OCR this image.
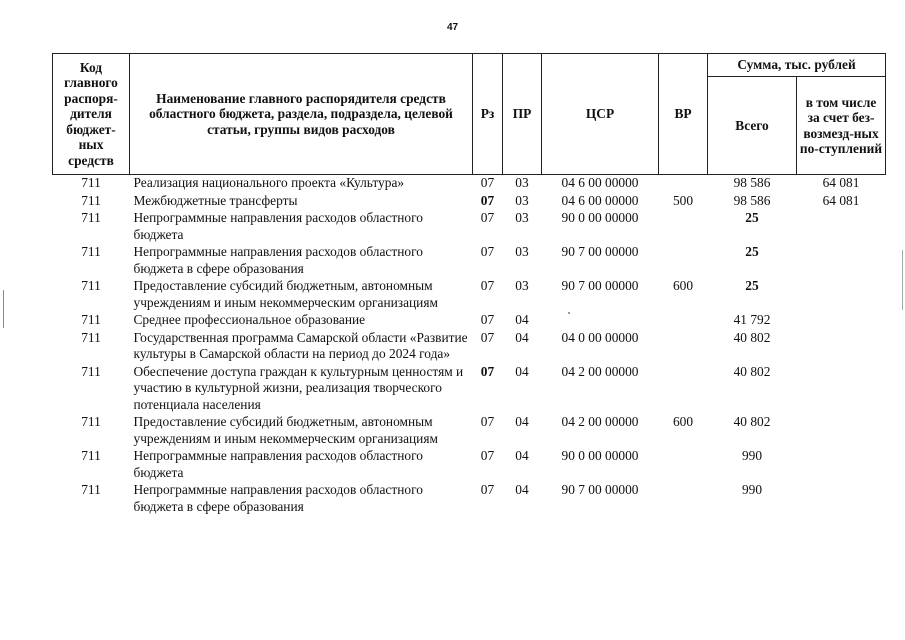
47
Код главного распоря-дителя бюджет-ных средств	Наименование главного распорядителя средств областного бюджета, раздела, подраздела, целевой статьи, группы видов расходов	Рз	ПР	ЦСР	ВР	Сумма, тыс. рублей	
						Всего	в том числе за счет без-возмезд-ных по-ступлений
711	Реализация национального проекта «Культура»	07	03	04 6 00 00000		98 586	64 081
711	Межбюджетные трансферты	07	03	04 6 00 00000	500	98 586	64 081
711	Непрограммные направления расходов областного бюджета	07	03	90 0 00 00000		25	
711	Непрограммные направления расходов областного бюджета в сфере образования	07	03	90 7 00 00000		25	
711	Предоставление субсидий бюджетным, автономным учреждениям и иным некоммерческим организациям	07	03	90 7 00 00000	600	25	
711	Среднее профессиональное образование	07	04			41 792	
711	Государственная программа Самарской области «Развитие культуры в Самарской области на период до 2024 года»	07	04	04 0 00 00000		40 802	
711	Обеспечение доступа граждан к культурным ценностям и участию в культурной жизни, реализация творческого потенциала населения	07	04	04 2 00 00000		40 802	
711	Предоставление субсидий бюджетным, автономным учреждениям и иным некоммерческим организациям	07	04	04 2 00 00000	600	40 802	
711	Непрограммные направления расходов областного бюджета	07	04	90 0 00 00000		990	
711	Непрограммные направления расходов областного бюджета в сфере образования	07	04	90 7 00 00000		990	
